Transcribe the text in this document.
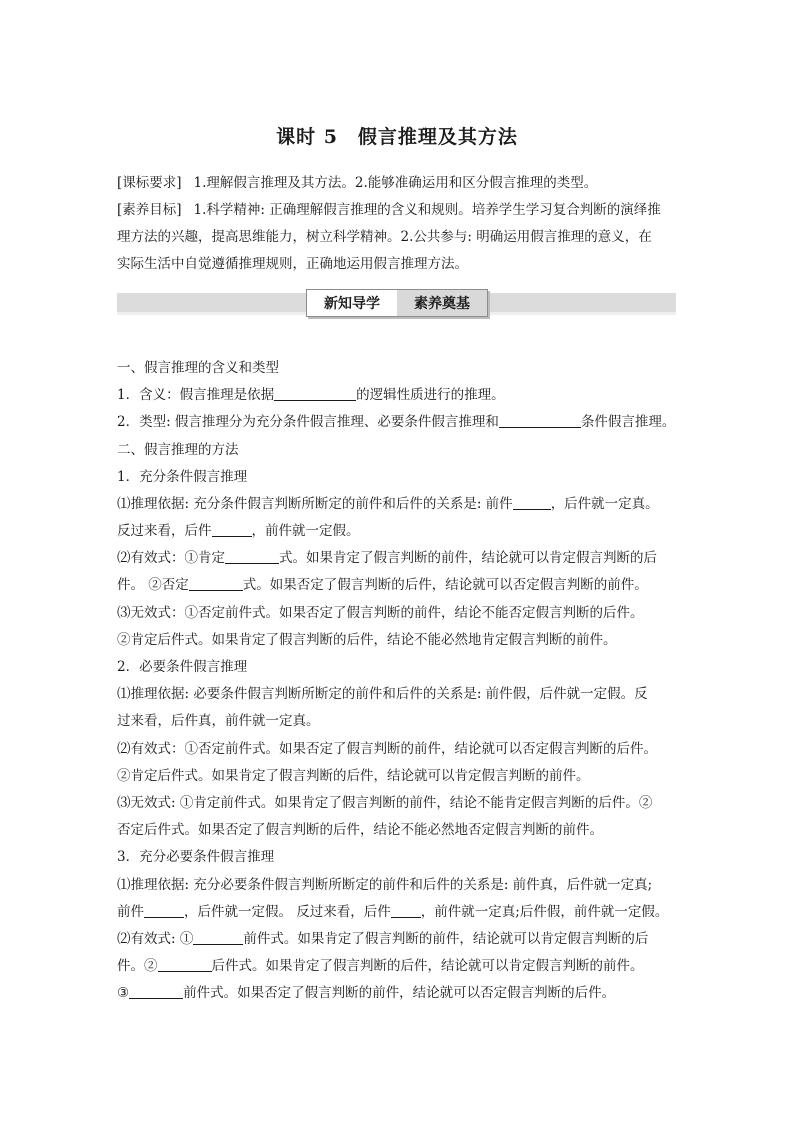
课时 5　假言推理及其方法
[课标要求] 1.理解假言推理及其方法。2.能够准确运用和区分假言推理的类型。
[素养目标] 1.科学精神: 正确理解假言推理的含义和规则。培养学生学习复合判断的演绎推
理方法的兴趣，提高思维能力，树立科学精神。2.公共参与: 明确运用假言推理的意义，在
实际生活中自觉遵循推理规则，正确地运用假言推理方法。
新知导学	素养奠基
一、假言推理的含义和类型
1．含义：假言推理是依据	的逻辑性质进行的推理。
2．类型: 假言推理分为充分条件假言推理、必要条件假言推理和	条件假言推理。
二、假言推理的方法
1．充分条件假言推理
⑴推理依据: 充分条件假言判断所断定的前件和后件的关系是: 前件	，后件就一定真。
反过来看，后件	，前件就一定假。
⑵有效式：①肯定	式。如果肯定了假言判断的前件，结论就可以肯定假言判断的后
件。 ②否定	式。如果否定了假言判断的后件，结论就可以否定假言判断的前件。
⑶无效式：①否定前件式。如果否定了假言判断的前件，结论不能否定假言判断的后件。
②肯定后件式。如果肯定了假言判断的后件，结论不能必然地肯定假言判断的前件。
2．必要条件假言推理
⑴推理依据: 必要条件假言判断所断定的前件和后件的关系是: 前件假，后件就一定假。反
过来看，后件真，前件就一定真。
⑵有效式：①否定前件式。如果否定了假言判断的前件，结论就可以否定假言判断的后件。
②肯定后件式。如果肯定了假言判断的后件，结论就可以肯定假言判断的前件。
⑶无效式: ①肯定前件式。如果肯定了假言判断的前件，结论不能肯定假言判断的后件。②
否定后件式。如果否定了假言判断的后件，结论不能必然地否定假言判断的前件。
3．充分必要条件假言推理
⑴推理依据: 充分必要条件假言判断所断定的前件和后件的关系是: 前件真，后件就一定真;
前件	，后件就一定假。 反过来看，后件 ，前件就一定真;后件假，前件就一定假。
⑵有效式: ①	前件式。如果肯定了假言判断的前件，结论就可以肯定假言判断的后
件。②	后件式。如果肯定了假言判断的后件，结论就可以肯定假言判断的前件。
③	前件式。如果否定了假言判断的前件，结论就可以否定假言判断的后件。
